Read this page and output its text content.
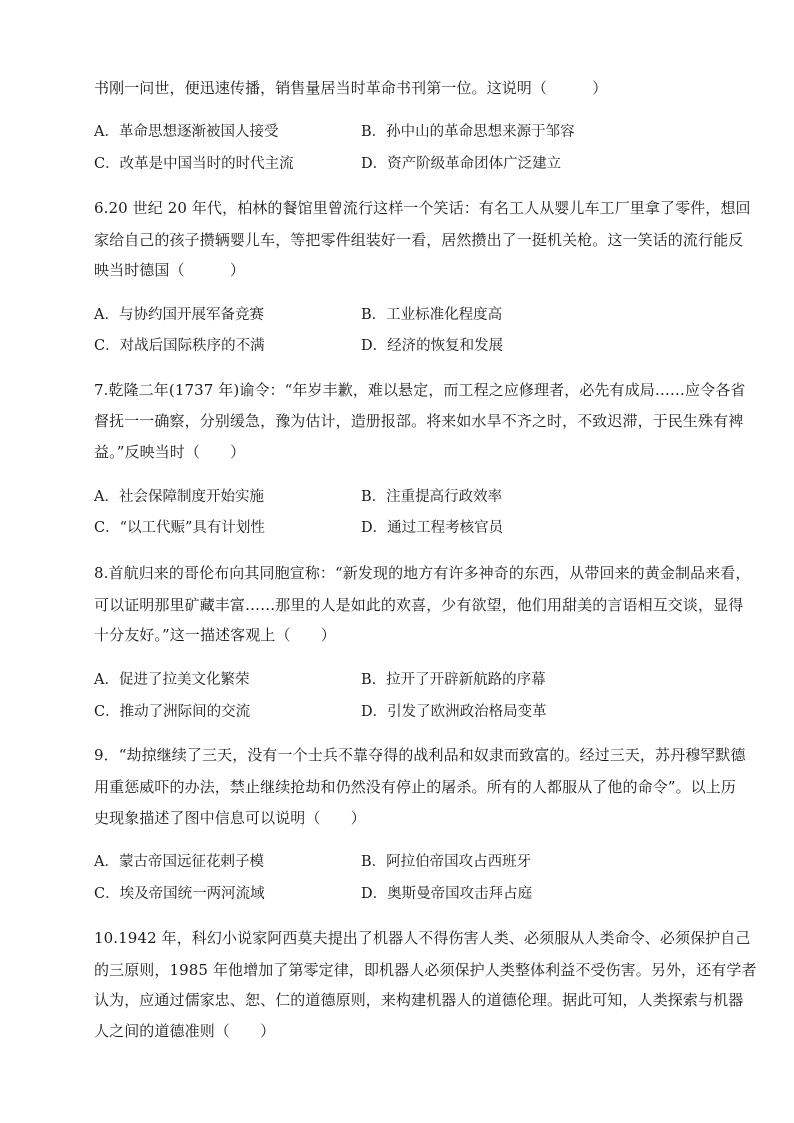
书刚一问世，便迅速传播，销售量居当时革命书刊第一位。这说明（　　　）
A．革命思想逐渐被国人接受	B．孙中山的革命思想来源于邹容
C．改革是中国当时的时代主流	D．资产阶级革命团体广泛建立
6.20 世纪 20 年代，柏林的餐馆里曾流行这样一个笑话：有名工人从婴儿车工厂里拿了零件，想回
家给自己的孩子攒辆婴儿车，等把零件组装好一看，居然攒出了一挺机关枪。这一笑话的流行能反
映当时德国（　　　）
A．与协约国开展军备竞赛	B．工业标准化程度高
C．对战后国际秩序的不满	D．经济的恢复和发展
7.乾隆二年(1737 年)谕令：“年岁丰歉，难以悬定，而工程之应修理者，必先有成局……应令各省
督抚一一确察，分别缓急，豫为估计，造册报部。将来如水旱不齐之时，不致迟滞，于民生殊有裨
益。”反映当时（　　）
A．社会保障制度开始实施	B．注重提高行政效率
C．“以工代赈”具有计划性	D．通过工程考核官员
8.首航归来的哥伦布向其同胞宣称：“新发现的地方有许多神奇的东西，从带回来的黄金制品来看，
可以证明那里矿藏丰富……那里的人是如此的欢喜，少有欲望，他们用甜美的言语相互交谈，显得
十分友好。”这一描述客观上（　　）
A．促进了拉美文化繁荣	B．拉开了开辟新航路的序幕
C．推动了洲际间的交流	D．引发了欧洲政治格局变革
9．“劫掠继续了三天，没有一个士兵不靠夺得的战利品和奴隶而致富的。经过三天，苏丹穆罕默德
用重惩威吓的办法，禁止继续抢劫和仍然没有停止的屠杀。所有的人都服从了他的命令”。以上历
史现象描述了图中信息可以说明（　　）
A．蒙古帝国远征花剌子模	B．阿拉伯帝国攻占西班牙
C．埃及帝国统一两河流域	D．奥斯曼帝国攻击拜占庭
10.1942 年，科幻小说家阿西莫夫提出了机器人不得伤害人类、必须服从人类命令、必须保护自己
的三原则，1985 年他增加了第零定律，即机器人必须保护人类整体利益不受伤害。另外，还有学者
认为，应通过儒家忠、恕、仁的道德原则，来构建机器人的道德伦理。据此可知，人类探索与机器
人之间的道德准则（　　）
